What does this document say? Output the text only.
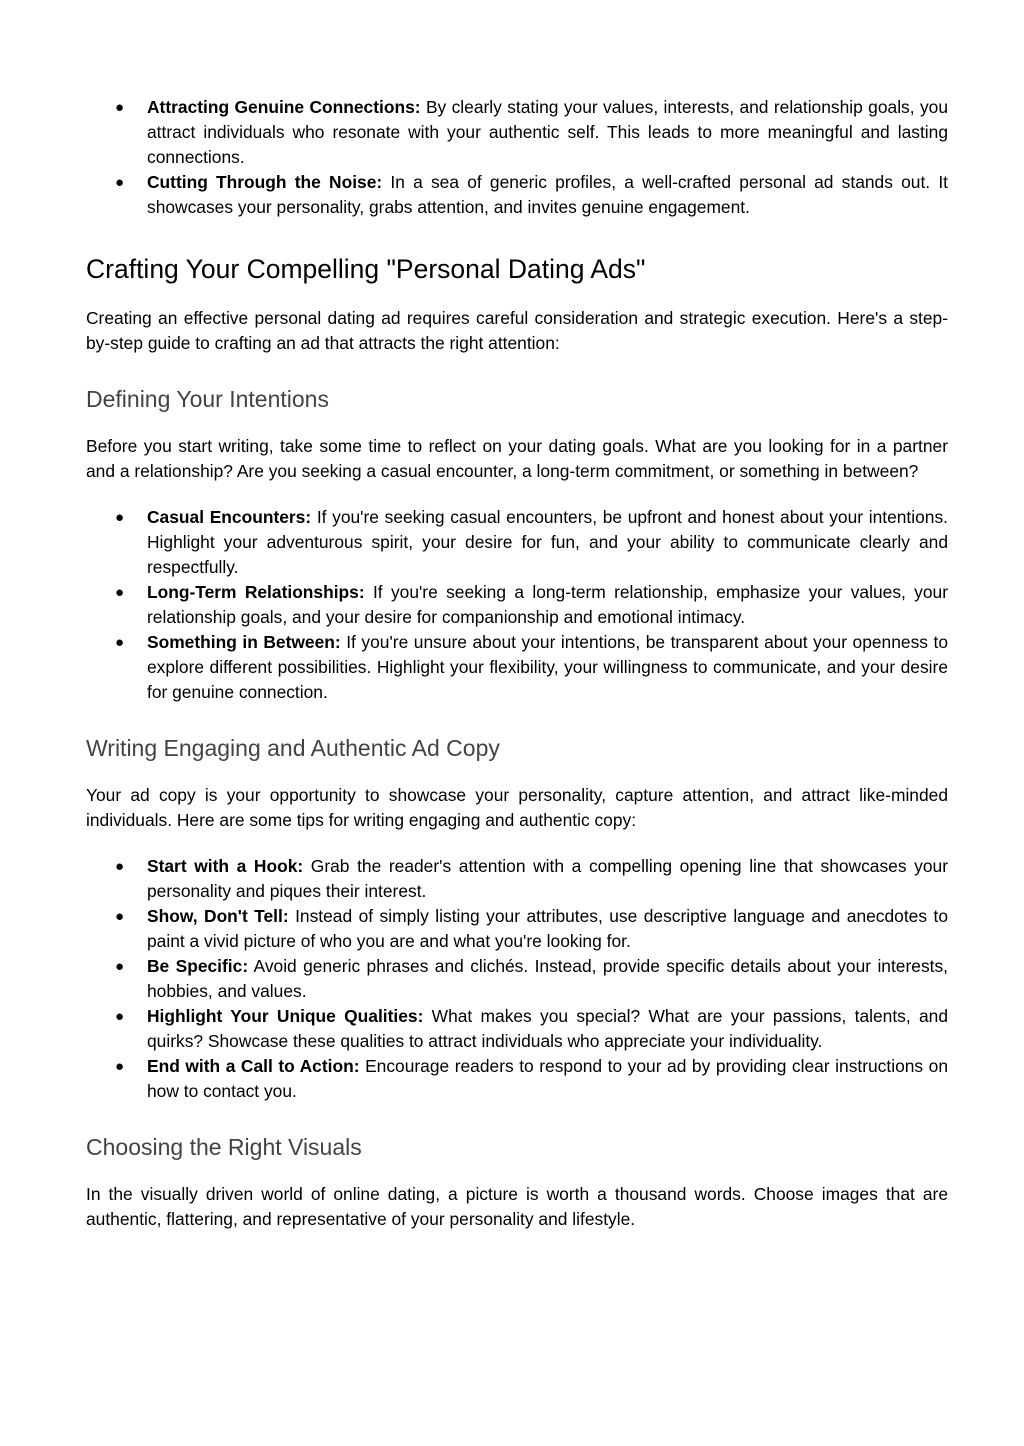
● Attracting Genuine Connections: By clearly stating your values, interests, and relationship goals, you attract individuals who resonate with your authentic self. This leads to more meaningful and lasting connections.
● Cutting Through the Noise: In a sea of generic profiles, a well-crafted personal ad stands out. It showcases your personality, grabs attention, and invites genuine engagement.
Crafting Your Compelling "Personal Dating Ads"

Creating an effective personal dating ad requires careful consideration and strategic execution. Here's a step-by-step guide to crafting an ad that attracts the right attention:

Defining Your Intentions

Before you start writing, take some time to reflect on your dating goals. What are you looking for in a partner and a relationship? Are you seeking a casual encounter, a long-term commitment, or something in between?

● Casual Encounters: If you're seeking casual encounters, be upfront and honest about your intentions. Highlight your adventurous spirit, your desire for fun, and your ability to communicate clearly and respectfully.
● Long-Term Relationships: If you're seeking a long-term relationship, emphasize your values, your relationship goals, and your desire for companionship and emotional intimacy.
● Something in Between: If you're unsure about your intentions, be transparent about your openness to explore different possibilities. Highlight your flexibility, your willingness to communicate, and your desire for genuine connection.
Writing Engaging and Authentic Ad Copy

Your ad copy is your opportunity to showcase your personality, capture attention, and attract like-minded individuals. Here are some tips for writing engaging and authentic copy:

● Start with a Hook: Grab the reader's attention with a compelling opening line that showcases your personality and piques their interest.
● Show, Don't Tell: Instead of simply listing your attributes, use descriptive language and anecdotes to paint a vivid picture of who you are and what you're looking for.
● Be Specific: Avoid generic phrases and clichés. Instead, provide specific details about your interests, hobbies, and values.
● Highlight Your Unique Qualities: What makes you special? What are your passions, talents, and quirks? Showcase these qualities to attract individuals who appreciate your individuality.
● End with a Call to Action: Encourage readers to respond to your ad by providing clear instructions on how to contact you.
Choosing the Right Visuals

In the visually driven world of online dating, a picture is worth a thousand words. Choose images that are authentic, flattering, and representative of your personality and lifestyle.
